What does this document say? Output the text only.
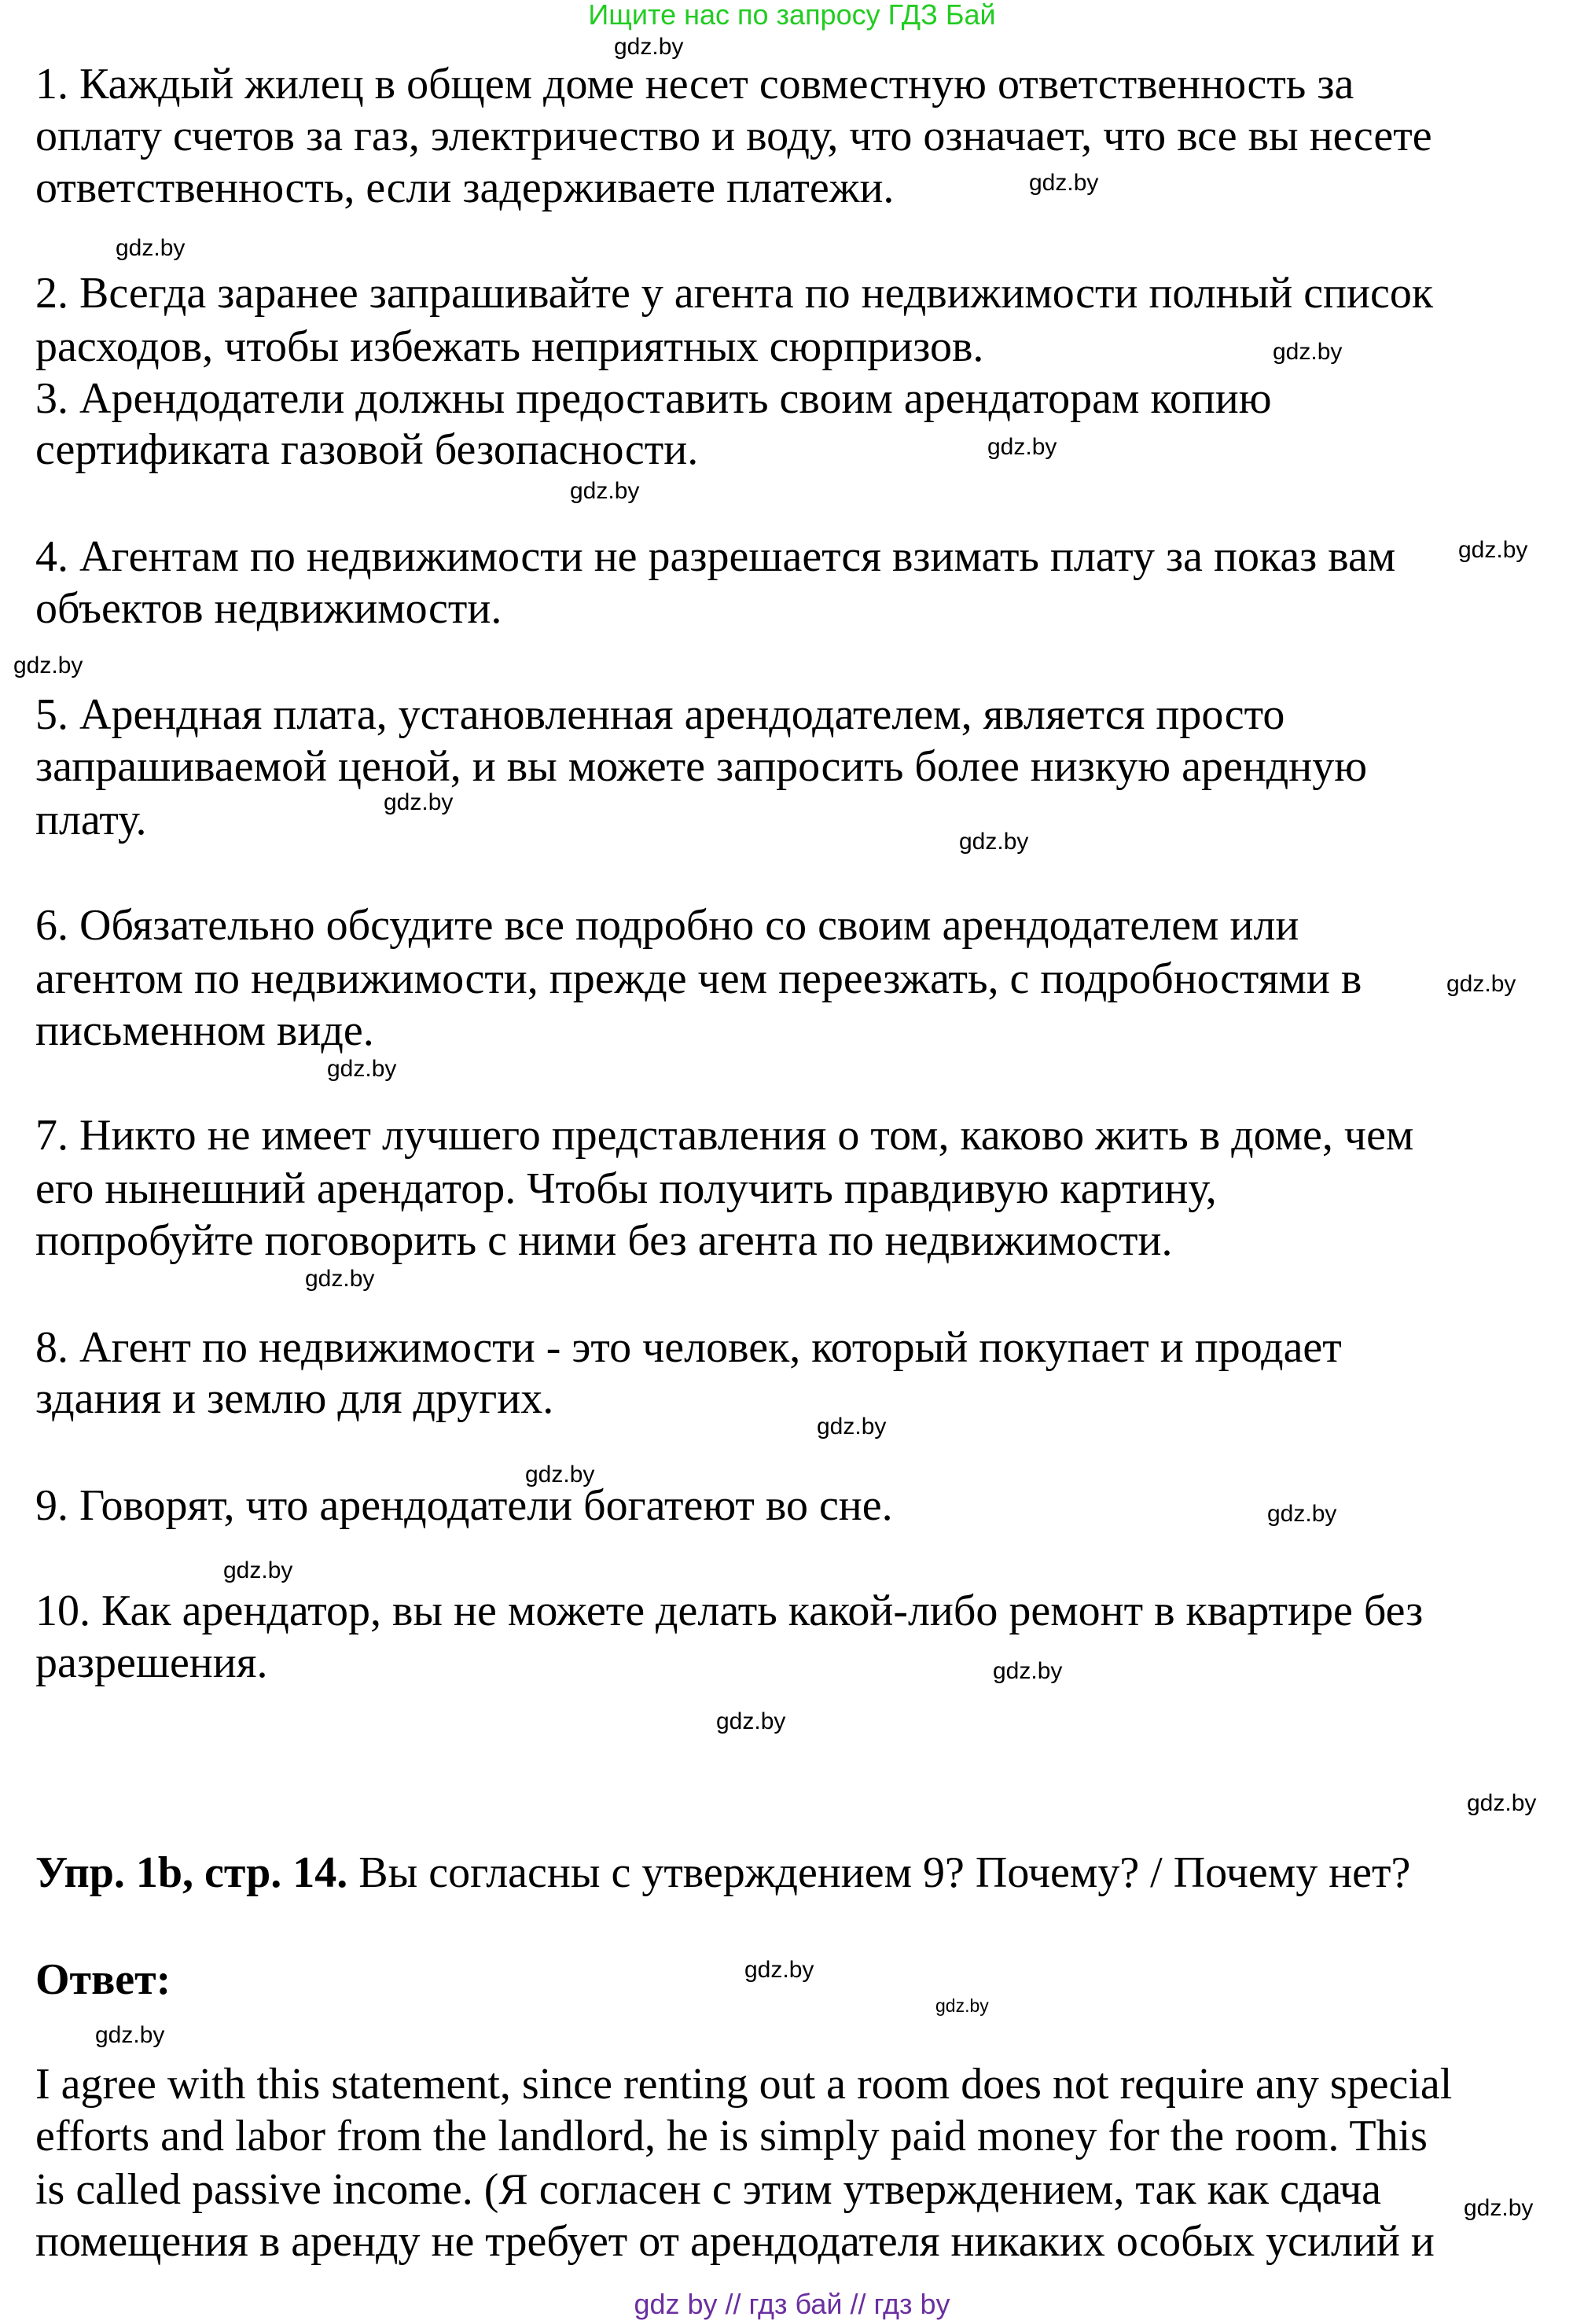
Ищите нас по запросу ГДЗ Бай
1. Каждый жилец в общем доме несет совместную ответственность за
оплату счетов за газ, электричество и воду, что означает, что все вы несете
ответственность, если задерживаете платежи.
2. Всегда заранее запрашивайте у агента по недвижимости полный список
расходов, чтобы избежать неприятных сюрпризов.
3. Арендодатели должны предоставить своим арендаторам копию
сертификата газовой безопасности.
4. Агентам по недвижимости не разрешается взимать плату за показ вам
объектов недвижимости.
5. Арендная плата, установленная арендодателем, является просто
запрашиваемой ценой, и вы можете запросить более низкую арендную
плату.
6. Обязательно обсудите все подробно со своим арендодателем или
агентом по недвижимости, прежде чем переезжать, с подробностями в
письменном виде.
7. Никто не имеет лучшего представления о том, каково жить в доме, чем
его нынешний арендатор. Чтобы получить правдивую картину,
попробуйте поговорить с ними без агента по недвижимости.
8. Агент по недвижимости - это человек, который покупает и продает
здания и землю для других.
9. Говорят, что арендодатели богатеют во сне.
10. Как арендатор, вы не можете делать какой-либо ремонт в квартире без
разрешения.
Упр. 1b, стр. 14. Вы согласны с утверждением 9? Почему? / Почему нет?
Ответ:
I agree with this statement, since renting out a room does not require any special
efforts and labor from the landlord, he is simply paid money for the room. This
is called passive income. (Я согласен с этим утверждением, так как сдача
помещения в аренду не требует от арендодателя никаких особых усилий и
gdz.by
gdz.by
gdz.by
gdz.by
gdz.by
gdz.by
gdz.by
gdz.by
gdz.by
gdz.by
gdz.by
gdz.by
gdz.by
gdz.by
gdz.by
gdz.by
gdz.by
gdz.by
gdz.by
gdz.by
gdz.by
gdz.by
gdz.by
gdz.by
gdz by // гдз бай // гдз by
